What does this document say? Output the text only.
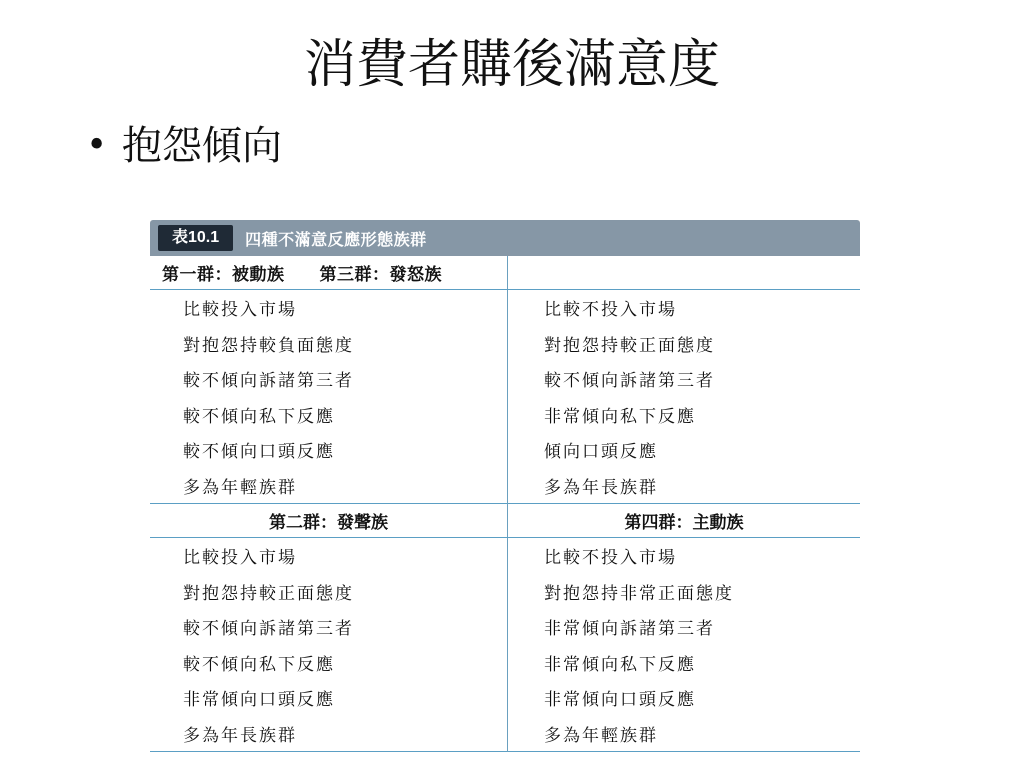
消費者購後滿意度
• 抱怨傾向
表10.1	四種不滿意反應形態族群
第一群：被動族　　第三群：發怒族	
比較投入市場	比較不投入市場
對抱怨持較負面態度	對抱怨持較正面態度
較不傾向訴諸第三者	較不傾向訴諸第三者
較不傾向私下反應	非常傾向私下反應
較不傾向口頭反應	傾向口頭反應
多為年輕族群	多為年長族群
第二群：發聲族	第四群：主動族
比較投入市場	比較不投入市場
對抱怨持較正面態度	對抱怨持非常正面態度
較不傾向訴諸第三者	非常傾向訴諸第三者
較不傾向私下反應	非常傾向私下反應
非常傾向口頭反應	非常傾向口頭反應
多為年長族群	多為年輕族群
